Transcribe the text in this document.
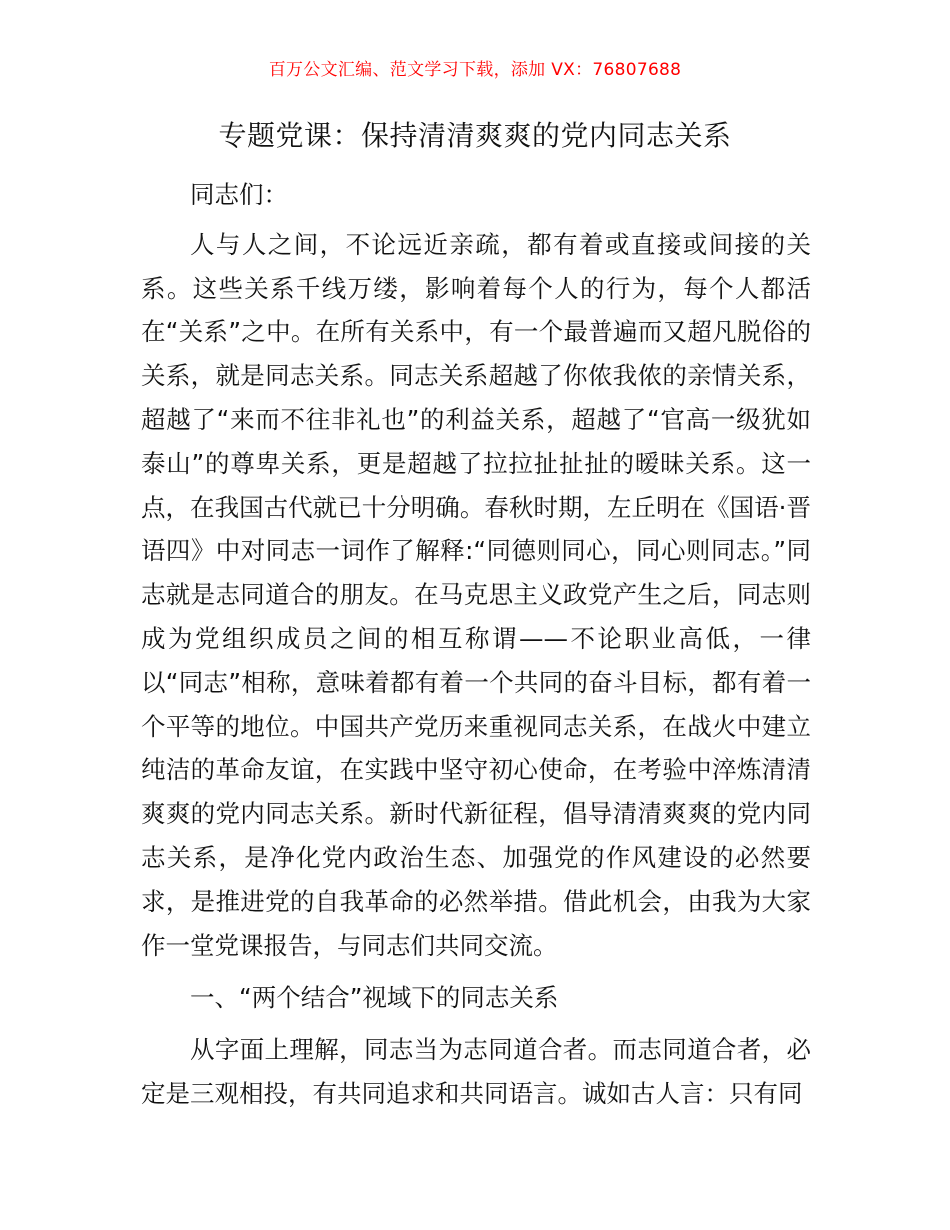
百万公文汇编、范文学习下载，添加 VX：76807688
专题党课：保持清清爽爽的党内同志关系

同志们：

人与人之间，不论远近亲疏，都有着或直接或间接的关系。这些关系千线万缕，影响着每个人的行为，每个人都活在“关系”之中。在所有关系中，有一个最普遍而又超凡脱俗的关系，就是同志关系。同志关系超越了你侬我侬的亲情关系，超越了“来而不往非礼也”的利益关系，超越了“官高一级犹如泰山”的尊卑关系，更是超越了拉拉扯扯扯的暧昧关系。这一点，在我国古代就已十分明确。春秋时期，左丘明在《国语·晋语四》中对同志一词作了解释:“同德则同心，同心则同志。”同志就是志同道合的朋友。在马克思主义政党产生之后，同志则成为党组织成员之间的相互称谓——不论职业高低，一律以“同志”相称，意味着都有着一个共同的奋斗目标，都有着一个平等的地位。中国共产党历来重视同志关系，在战火中建立纯洁的革命友谊，在实践中坚守初心使命，在考验中淬炼清清爽爽的党内同志关系。新时代新征程，倡导清清爽爽的党内同志关系，是净化党内政治生态、加强党的作风建设的必然要求，是推进党的自我革命的必然举措。借此机会，由我为大家作一堂党课报告，与同志们共同交流。

一、“两个结合”视域下的同志关系

从字面上理解，同志当为志同道合者。而志同道合者，必定是三观相投，有共同追求和共同语言。诚如古人言：只有同
